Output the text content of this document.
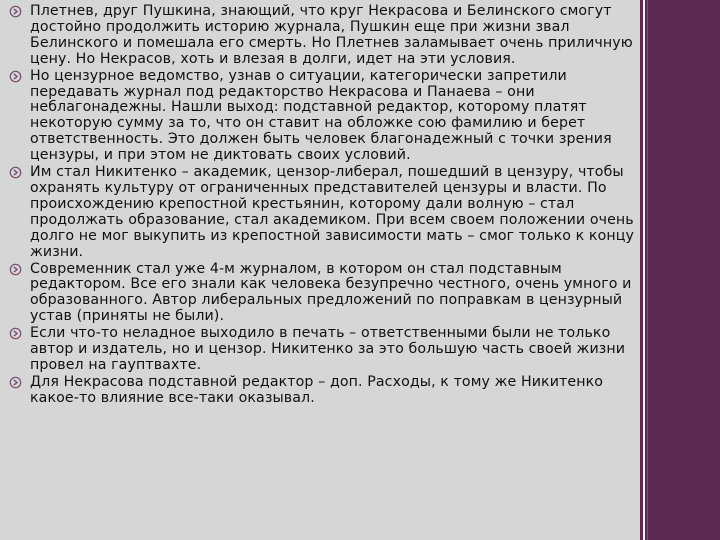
Плетнев, друг Пушкина, знающий, что круг Некрасова и Белинского смогут достойно продолжить историю журнала, Пушкин еще при жизни звал Белинского и помешала его смерть. Но Плетнев заламывает очень приличную цену. Но Некрасов, хоть и влезая в долги, идет на эти условия.
Но цензурное ведомство, узнав о ситуации, категорически запретили передавать журнал под редакторство Некрасова и Панаева – они неблагонадежны. Нашли выход: подставной редактор, которому платят некоторую сумму за то, что он ставит на обложке сою фамилию и берет ответственность. Это должен быть человек благонадежный с точки зрения цензуры, и при этом не диктовать своих условий.
Им стал Никитенко – академик, цензор-либерал, пошедший в цензуру, чтобы охранять культуру от ограниченных представителей цензуры и власти. По происхождению крепостной крестьянин, которому дали волную – стал продолжать образование, стал академиком. При всем своем положении очень долго не мог выкупить из крепостной зависимости мать – смог только к концу жизни.
Современник стал уже 4-м журналом, в котором он стал подставным редактором. Все его знали как человека безупречно честного, очень умного и образованного. Автор либеральных предложений по поправкам в цензурный устав (приняты не были).
Если что-то неладное выходило в печать – ответственными были не только автор и издатель, но и цензор. Никитенко за это большую часть своей жизни провел на гауптвахте.
Для Некрасова подставной редактор – доп. Расходы, к тому же Никитенко какое-то влияние все-таки оказывал.
